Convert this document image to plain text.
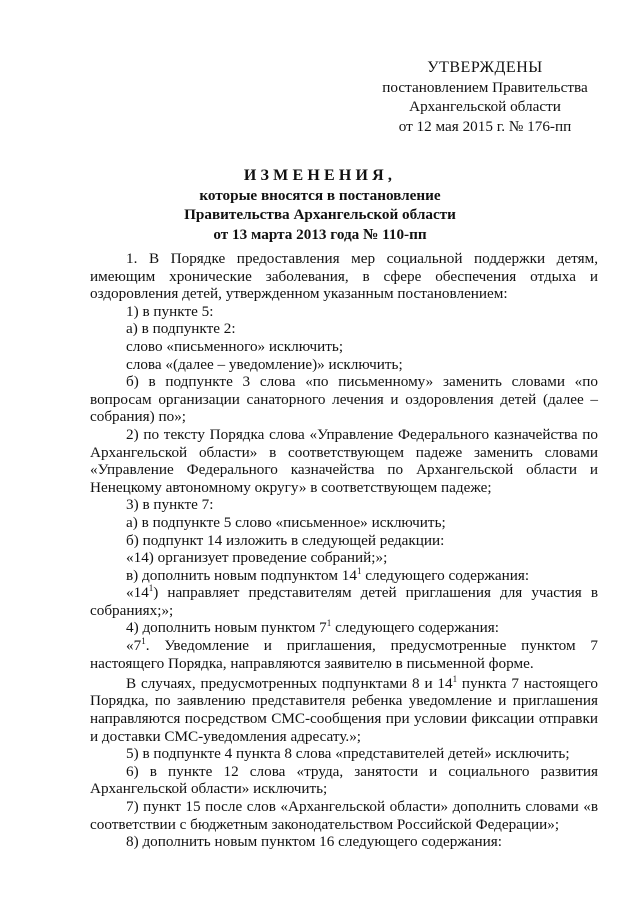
УТВЕРЖДЕНЫ
постановлением Правительства
Архангельской области
от 12 мая 2015 г. № 176-пп
ИЗМЕНЕНИЯ,
которые вносятся в постановление
Правительства Архангельской области
от 13 марта 2013 года № 110-пп

1. В Порядке предоставления мер социальной поддержки детям, имеющим хронические заболевания, в сфере обеспечения отдыха и оздоровления детей, утвержденном указанным постановлением:

1) в пункте 5:

а) в подпункте 2:

слово «письменного» исключить;

слова «(далее – уведомление)» исключить;

б) в подпункте 3 слова «по письменному» заменить словами «по вопросам организации санаторного лечения и оздоровления детей (далее – собрания) по»;

2) по тексту Порядка слова «Управление Федерального казначейства по Архангельской области» в соответствующем падеже заменить словами «Управление Федерального казначейства по Архангельской области и Ненецкому автономному округу» в соответствующем падеже;

3) в пункте 7:

а) в подпункте 5 слово «письменное» исключить;

б) подпункт 14 изложить в следующей редакции:

«14) организует проведение собраний;»;

в) дополнить новым подпунктом $14^1$ следующего содержания:

«$14^1$) направляет представителям детей приглашения для участия в собраниях;»;

4) дополнить новым пунктом $7^1$ следующего содержания:

«$7^1$. Уведомление и приглашения, предусмотренные пунктом 7 настоящего Порядка, направляются заявителю в письменной форме.

В случаях, предусмотренных подпунктами 8 и $14^1$ пункта 7 настоящего Порядка, по заявлению представителя ребенка уведомление и приглашения направляются посредством СМС-сообщения при условии фиксации отправки и доставки СМС-уведомления адресату.»;

5) в подпункте 4 пункта 8 слова «представителей детей» исключить;

6) в пункте 12 слова «труда, занятости и социального развития Архангельской области» исключить;

7) пункт 15 после слов «Архангельской области» дополнить словами «в соответствии с бюджетным законодательством Российской Федерации»;

8) дополнить новым пунктом 16 следующего содержания:
